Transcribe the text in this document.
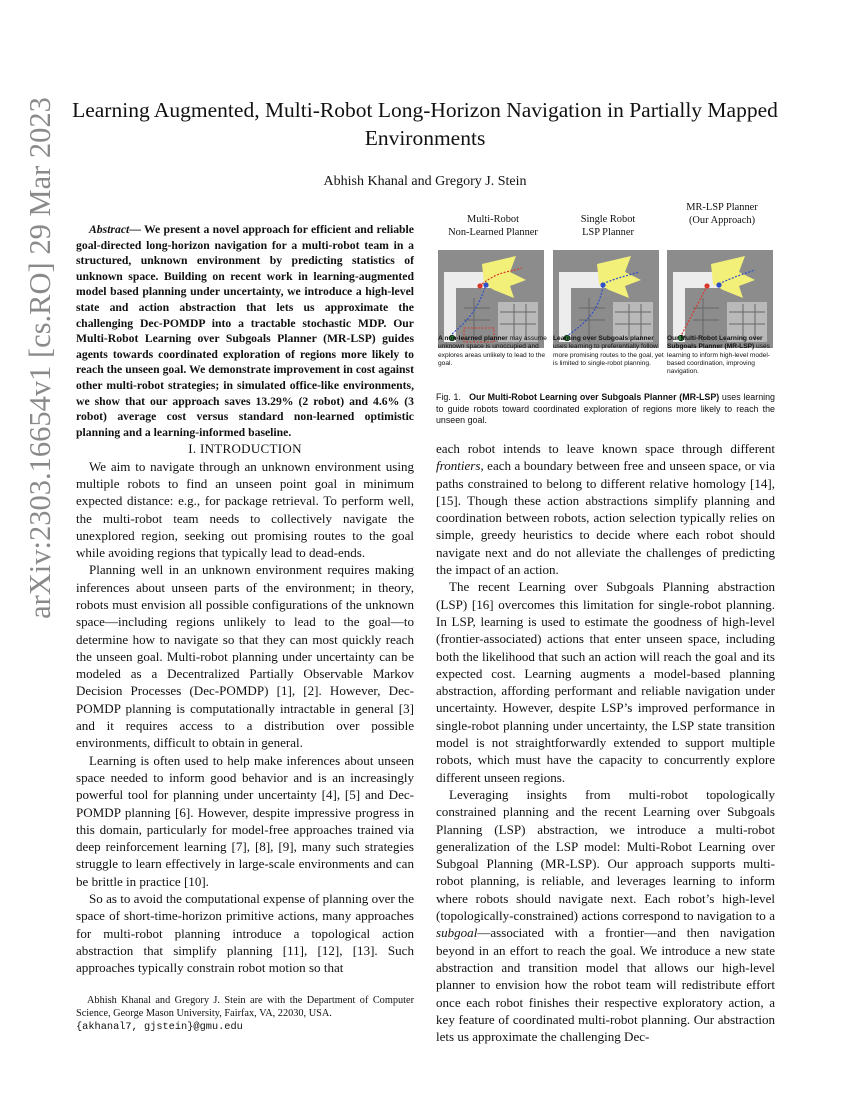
Learning Augmented, Multi-Robot Long-Horizon Navigation in Partially Mapped Environments

Abhish Khanal and Gregory J. Stein

arXiv:2303.16654v1 [cs.RO] 29 Mar 2023	Abstract— We present a novel approach for efficient and reliable goal-directed long-horizon navigation for a multi-robot team in a structured, unknown environment by predicting statistics of unknown space. Building on recent work in learning-augmented model based planning under uncertainty, we introduce a high-level state and action abstraction that lets us approximate the challenging Dec-POMDP into a tractable stochastic MDP. Our Multi-Robot Learning over Subgoals Planner (MR-LSP) guides agents towards coordinated exploration of regions more likely to reach the unseen goal. We demonstrate improvement in cost against other multi-robot strategies; in simulated office-like environments, we show that our approach saves 13.29% (2 robot) and 4.6% (3 robot) average cost versus standard non-learned optimistic planning and a learning-informed baseline.

I. INTRODUCTION

We aim to navigate through an unknown environment using multiple robots to find an unseen point goal in minimum expected distance: e.g., for package retrieval. To perform well, the multi-robot team needs to collectively navigate the unexplored region, seeking out promising routes to the goal while avoiding regions that typically lead to dead-ends.

Planning well in an unknown environment requires making inferences about unseen parts of the environment; in theory, robots must envision all possible configurations of the unknown space—including regions unlikely to lead to the goal—to determine how to navigate so that they can most quickly reach the unseen goal. Multi-robot planning under uncertainty can be modeled as a Decentralized Partially Observable Markov Decision Processes (Dec-POMDP) [1], [2]. However, Dec-POMDP planning is computationally intractable in general [3] and it requires access to a distribution over possible environments, difficult to obtain in general.

Learning is often used to help make inferences about unseen space needed to inform good behavior and is an increasingly powerful tool for planning under uncertainty [4], [5] and Dec-POMDP planning [6]. However, despite impressive progress in this domain, particularly for model-free approaches trained via deep reinforcement learning [7], [8], [9], many such strategies struggle to learn effectively in large-scale environments and can be brittle in practice [10].

So as to avoid the computational expense of planning over the space of short-time-horizon primitive actions, many approaches for multi-robot planning introduce a topological action abstraction that simplify planning [11], [12], [13]. Such approaches typically constrain robot motion so that

Abhish Khanal and Gregory J. Stein are with the Department of Computer Science, George Mason University, Fairfax, VA, 22030, USA.
{akhanal7, gjstein}@gmu.edu
Multi-Robot
Non-Learned Planner
A non-learned planner may assume unknown space is unoccupied and explores areas unlikely to lead to the goal.
Single Robot
LSP Planner
Learning over Subgoals planner uses learning to preferentially follow more promising routes to the goal, yet is limited to single-robot planning.
MR-LSP Planner
(Our Approach)
Our Multi-Robot Learning over Subgoals Planner (MR-LSP) uses learning to inform high-level model-based coordination, improving navigation.
Fig. 1. Our Multi-Robot Learning over Subgoals Planner (MR-LSP) uses learning to guide robots toward coordinated exploration of regions more likely to reach the unseen goal.

each robot intends to leave known space through different frontiers, each a boundary between free and unseen space, or via paths constrained to belong to different relative homology [14], [15]. Though these action abstractions simplify planning and coordination between robots, action selection typically relies on simple, greedy heuristics to decide where each robot should navigate next and do not alleviate the challenges of predicting the impact of an action.

The recent Learning over Subgoals Planning abstraction (LSP) [16] overcomes this limitation for single-robot planning. In LSP, learning is used to estimate the goodness of high-level (frontier-associated) actions that enter unseen space, including both the likelihood that such an action will reach the goal and its expected cost. Learning augments a model-based planning abstraction, affording performant and reliable navigation under uncertainty. However, despite LSP’s improved performance in single-robot planning under uncertainty, the LSP state transition model is not straightforwardly extended to support multiple robots, which must have the capacity to concurrently explore different unseen regions.

Leveraging insights from multi-robot topologically constrained planning and the recent Learning over Subgoals Planning (LSP) abstraction, we introduce a multi-robot generalization of the LSP model: Multi-Robot Learning over Subgoal Planning (MR-LSP). Our approach supports multi-robot planning, is reliable, and leverages learning to inform where robots should navigate next. Each robot’s high-level (topologically-constrained) actions correspond to navigation to a subgoal—associated with a frontier—and then navigation beyond in an effort to reach the goal. We introduce a new state abstraction and transition model that allows our high-level planner to envision how the robot team will redistribute effort once each robot finishes their respective exploratory action, a key feature of coordinated multi-robot planning. Our abstraction lets us approximate the challenging Dec-
